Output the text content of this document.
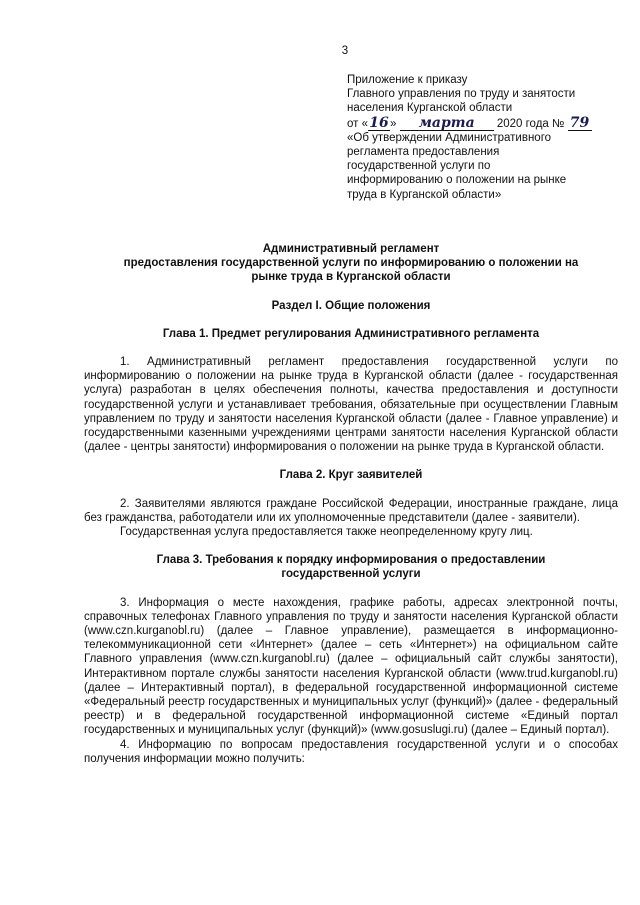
3
Приложение к приказу
Главного управления по труду и занятости
населения Курганской области
от «16» марта 2020 года № 79
«Об утверждении Административного
регламента предоставления
государственной услуги по
информированию о положении на рынке
труда в Курганской области»
Административный регламент
предоставления государственной услуги по информированию о положении на
рынке труда в Курганской области
Раздел I. Общие положения
Глава 1. Предмет регулирования Административного регламента

1. Административный регламент предоставления государственной услуги по информированию о положении на рынке труда в Курганской области (далее - государственная услуга) разработан в целях обеспечения полноты, качества предоставления и доступности государственной услуги и устанавливает требования, обязательные при осуществлении Главным управлением по труду и занятости населения Курганской области (далее - Главное управление) и государственными казенными учреждениями центрами занятости населения Курганской области (далее - центры занятости) информирования о положении на рынке труда в Курганской области.

Глава 2. Круг заявителей

2. Заявителями являются граждане Российской Федерации, иностранные граждане, лица без гражданства, работодатели или их уполномоченные представители (далее - заявители).

Государственная услуга предоставляется также неопределенному кругу лиц.

Глава 3. Требования к порядку информирования о предоставлении
государственной услуги

3. Информация о месте нахождения, графике работы, адресах электронной почты, справочных телефонах Главного управления по труду и занятости населения Курганской области (www.czn.kurganobl.ru) (далее – Главное управление), размещается в информационно-телекоммуникационной сети «Интернет» (далее – сеть «Интернет») на официальном сайте Главного управления (www.czn.kurganobl.ru) (далее – официальный сайт службы занятости), Интерактивном портале службы занятости населения Курганской области (www.trud.kurganobl.ru) (далее – Интерактивный портал), в федеральной государственной информационной системе «Федеральный реестр государственных и муниципальных услуг (функций)» (далее - федеральный реестр) и в федеральной государственной информационной системе «Единый портал государственных и муниципальных услуг (функций)» (www.gosuslugi.ru) (далее – Единый портал).

4. Информацию по вопросам предоставления государственной услуги и о способах получения информации можно получить:
